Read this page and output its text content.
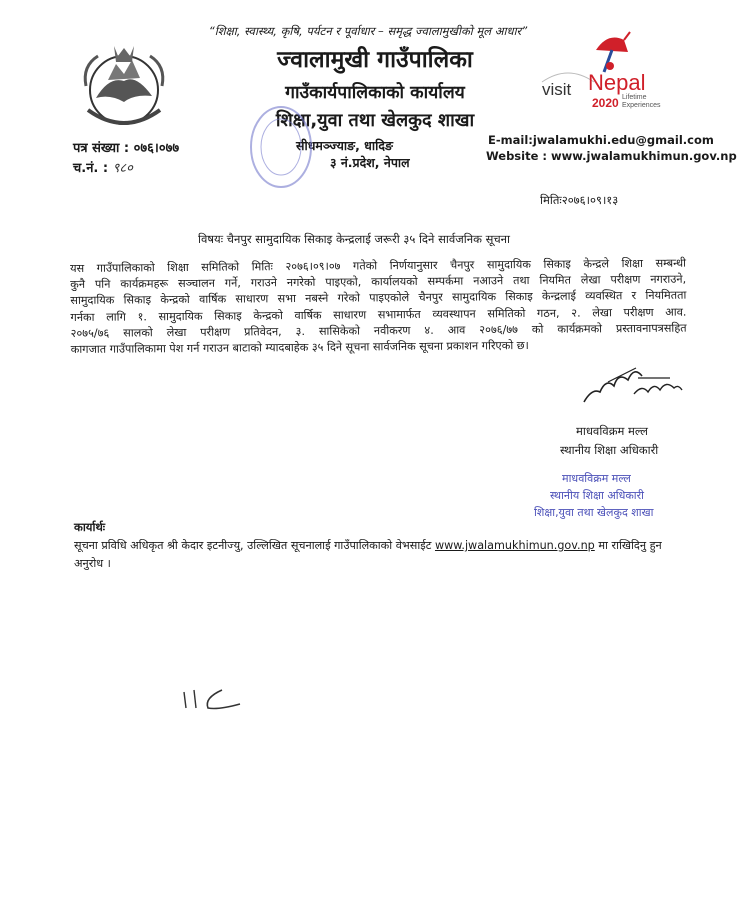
“शिक्षा, स्वास्थ्य, कृषि, पर्यटन र पूर्वाधार – समृद्ध ज्वालामुखीको मूल आधार”
ज्वालामुखी गाउँपालिका
गाउँकार्यपालिकाको कार्यालय
शिक्षा,युवा तथा खेलकुद शाखा
सीधमञ्ज्याङ, धादिङ
३ नं.प्रदेश, नेपाल
visit Nepal
2020 Lifetime
Experiences
E-mail:jwalamukhi.edu@gmail.com
Website : www.jwalamukhimun.gov.np
पत्र संख्या : ०७६।०७७
च.नं. : ९८०
मितिः२०७६।०९।१३
विषयः चैनपुर सामुदायिक सिकाइ केन्द्रलाई जरूरी ३५ दिने सार्वजनिक सूचना
यस गाउँपालिकाको शिक्षा समितिको मितिः २०७६।०९।०७ गतेको निर्णयानुसार चैनपुर सामुदायिक सिकाइ केन्द्रले शिक्षा सम्बन्धी
कुनै पनि कार्यक्रमहरू सञ्चालन गर्ने, गराउने नगरेको पाइएको, कार्यालयको सम्पर्कमा नआउने तथा नियमित लेखा परीक्षण नगराउने,
सामुदायिक सिकाइ केन्द्रको वार्षिक साधारण सभा नबस्ने गरेको पाइएकोले चैनपुर सामुदायिक सिकाइ केन्द्रलाई व्यवस्थित र नियमितता
गर्नका लागि १. सामुदायिक सिकाइ केन्द्रको वार्षिक साधारण सभामार्फत व्यवस्थापन समितिको गठन, २. लेखा परीक्षण आव.
२०७५/७६ सालको लेखा परीक्षण प्रतिवेदन, ३. सासिकेको नवीकरण ४. आव २०७६/७७ को कार्यक्रमको प्रस्तावनापत्रसहित
कागजात गाउँपालिकामा पेश गर्न गराउन बाटाको म्यादबाहेक ३५ दिने सूचना सार्वजनिक सूचना प्रकाशन गरिएको छ।
माधवविक्रम मल्ल
स्थानीय शिक्षा अधिकारी
माधवविक्रम मल्ल
स्थानीय शिक्षा अधिकारी
शिक्षा,युवा तथा खेलकुद शाखा
कार्यार्थः
सूचना प्रविधि अधिकृत श्री केदार इटनीज्यु, उल्लिखित सूचनालाई गाउँपालिकाको वेभसाईट www.jwalamukhimun.gov.np मा राखिदिनु हुन अनुरोध ।
